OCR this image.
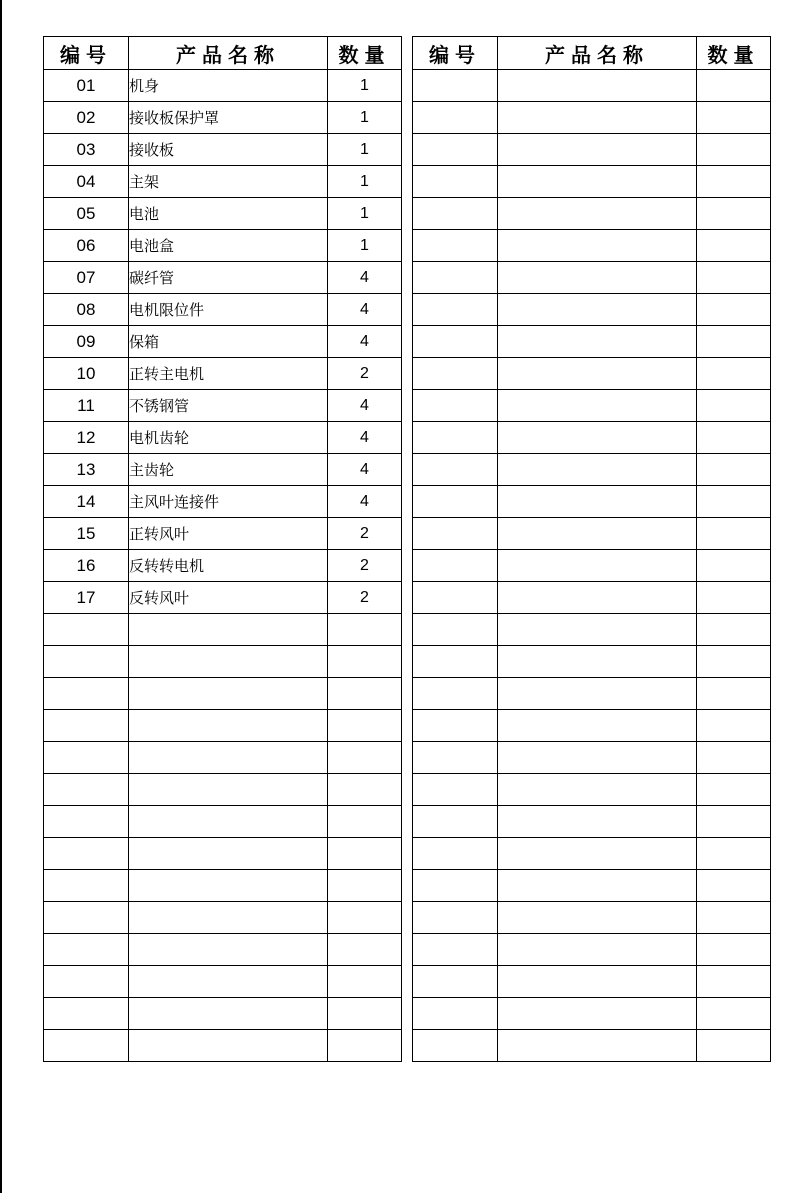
编号	产品名称	数量
01	机身	1
02	接收板保护罩	1
03	接收板	1
04	主架	1
05	电池	1
06	电池盒	1
07	碳纤管	4
08	电机限位件	4
09	保箱	4
10	正转主电机	2
11	不锈钢管	4
12	电机齿轮	4
13	主齿轮	4
14	主风叶连接件	4
15	正转风叶	2
16	反转转电机	2
17	反转风叶	2

编号	产品名称	数量
